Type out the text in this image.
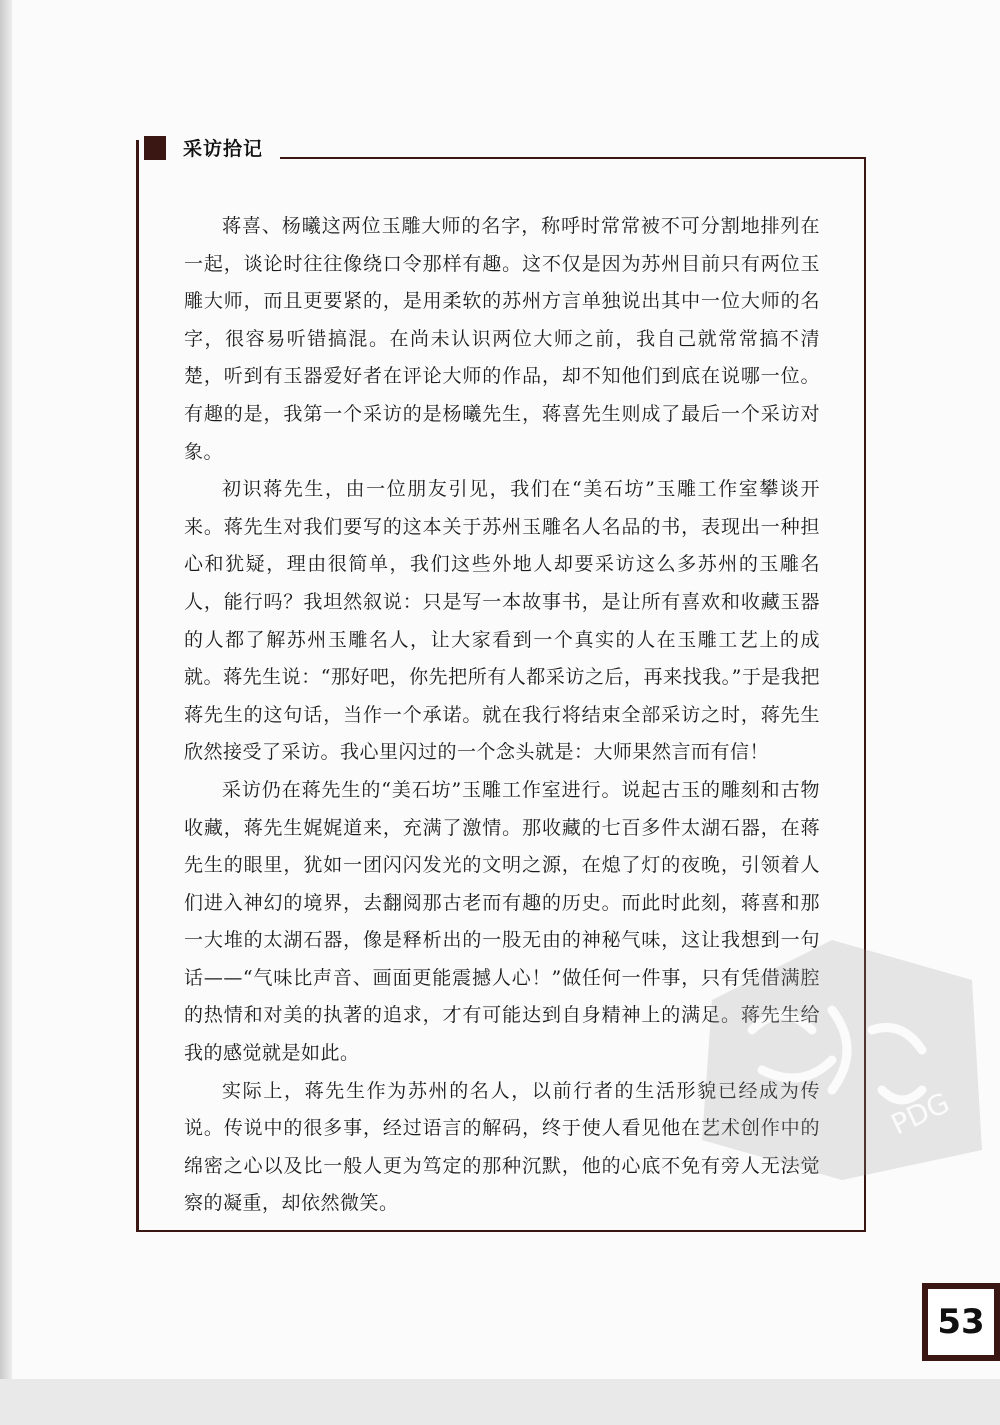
采访拾记

蒋喜、杨曦这两位玉雕大师的名字，称呼时常常被不可分割地排列在一起，谈论时往往像绕口令那样有趣。这不仅是因为苏州目前只有两位玉雕大师，而且更要紧的，是用柔软的苏州方言单独说出其中一位大师的名字，很容易听错搞混。在尚未认识两位大师之前，我自己就常常搞不清楚，听到有玉器爱好者在评论大师的作品，却不知他们到底在说哪一位。有趣的是，我第一个采访的是杨曦先生，蒋喜先生则成了最后一个采访对象。

初识蒋先生，由一位朋友引见，我们在“美石坊”玉雕工作室攀谈开来。蒋先生对我们要写的这本关于苏州玉雕名人名品的书，表现出一种担心和犹疑，理由很简单，我们这些外地人却要采访这么多苏州的玉雕名人，能行吗？我坦然叙说：只是写一本故事书，是让所有喜欢和收藏玉器的人都了解苏州玉雕名人，让大家看到一个真实的人在玉雕工艺上的成就。蒋先生说：“那好吧，你先把所有人都采访之后，再来找我。”于是我把蒋先生的这句话，当作一个承诺。就在我行将结束全部采访之时，蒋先生欣然接受了采访。我心里闪过的一个念头就是：大师果然言而有信！

采访仍在蒋先生的“美石坊”玉雕工作室进行。说起古玉的雕刻和古物收藏，蒋先生娓娓道来，充满了激情。那收藏的七百多件太湖石器，在蒋先生的眼里，犹如一团闪闪发光的文明之源，在熄了灯的夜晚，引领着人们进入神幻的境界，去翻阅那古老而有趣的历史。而此时此刻，蒋喜和那一大堆的太湖石器，像是释析出的一股无由的神秘气味，这让我想到一句话——“气味比声音、画面更能震撼人心！”做任何一件事，只有凭借满腔的热情和对美的执著的追求，才有可能达到自身精神上的满足。蒋先生给我的感觉就是如此。

实际上，蒋先生作为苏州的名人，以前行者的生活形貌已经成为传说。传说中的很多事，经过语言的解码，终于使人看见他在艺术创作中的绵密之心以及比一般人更为笃定的那种沉默，他的心底不免有旁人无法觉察的凝重，却依然微笑。

PDG
53
